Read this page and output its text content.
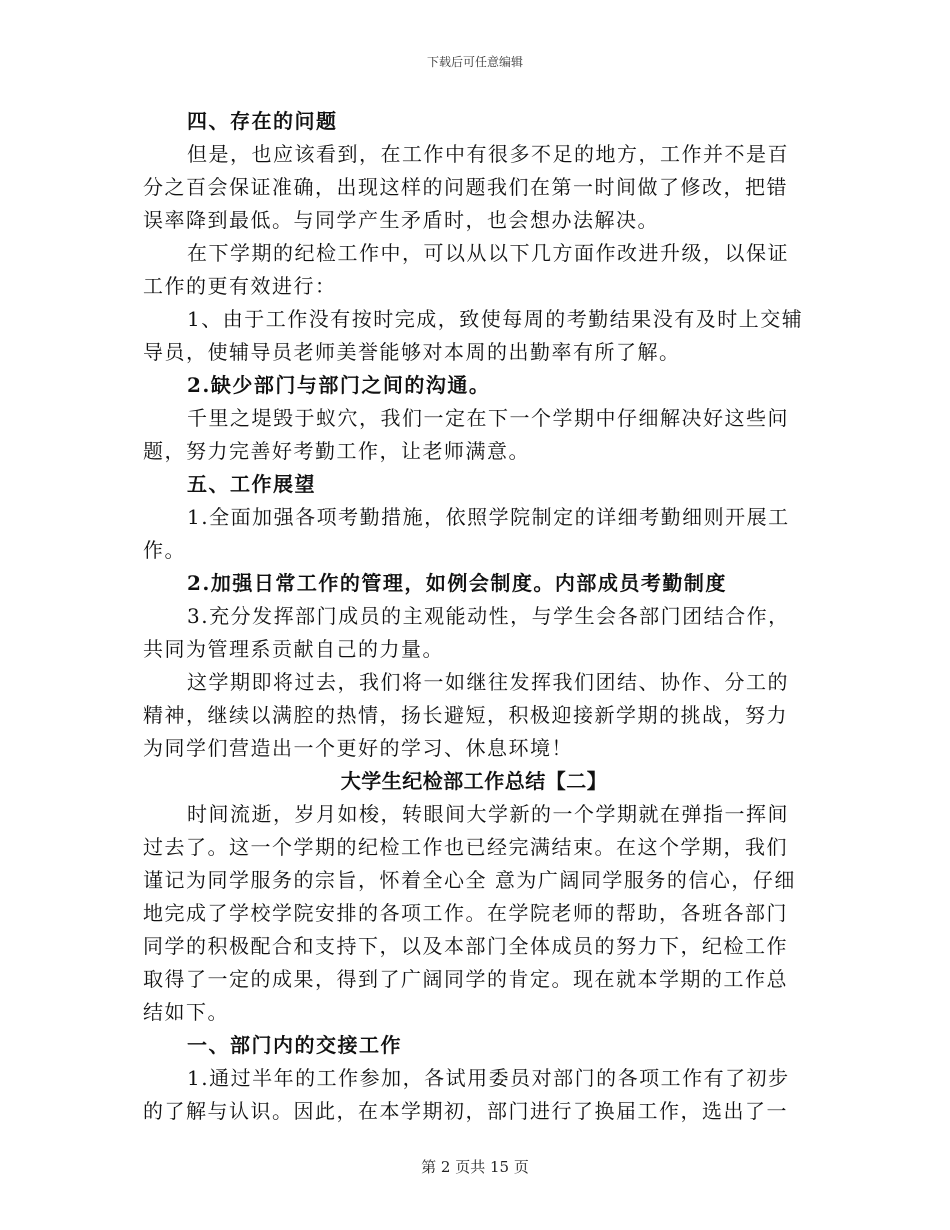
下载后可任意编辑
四、存在的问题
但是，也应该看到，在工作中有很多不足的地方，工作并不是百
分之百会保证准确，出现这样的问题我们在第一时间做了修改，把错
误率降到最低。与同学产生矛盾时，也会想办法解决。
在下学期的纪检工作中，可以从以下几方面作改进升级，以保证
工作的更有效进行：
1、由于工作没有按时完成，致使每周的考勤结果没有及时上交辅
导员，使辅导员老师美誉能够对本周的出勤率有所了解。
2.缺少部门与部门之间的沟通。
千里之堤毁于蚁穴，我们一定在下一个学期中仔细解决好这些问
题，努力完善好考勤工作，让老师满意。
五、工作展望
1.全面加强各项考勤措施，依照学院制定的详细考勤细则开展工
作。
2.加强日常工作的管理，如例会制度。内部成员考勤制度
3.充分发挥部门成员的主观能动性，与学生会各部门团结合作，
共同为管理系贡献自己的力量。
这学期即将过去，我们将一如继往发挥我们团结、协作、分工的
精神，继续以满腔的热情，扬长避短，积极迎接新学期的挑战，努力
为同学们营造出一个更好的学习、休息环境！
大学生纪检部工作总结【二】
时间流逝，岁月如梭，转眼间大学新的一个学期就在弹指一挥间
过去了。这一个学期的纪检工作也已经完满结束。在这个学期，我们
谨记为同学服务的宗旨，怀着全心全 意为广阔同学服务的信心，仔细
地完成了学校学院安排的各项工作。在学院老师的帮助，各班各部门
同学的积极配合和支持下，以及本部门全体成员的努力下，纪检工作
取得了一定的成果，得到了广阔同学的肯定。现在就本学期的工作总
结如下。
一、部门内的交接工作
1.通过半年的工作参加，各试用委员对部门的各项工作有了初步
的了解与认识。因此，在本学期初，部门进行了换届工作，选出了一
第 2 页共 15 页
